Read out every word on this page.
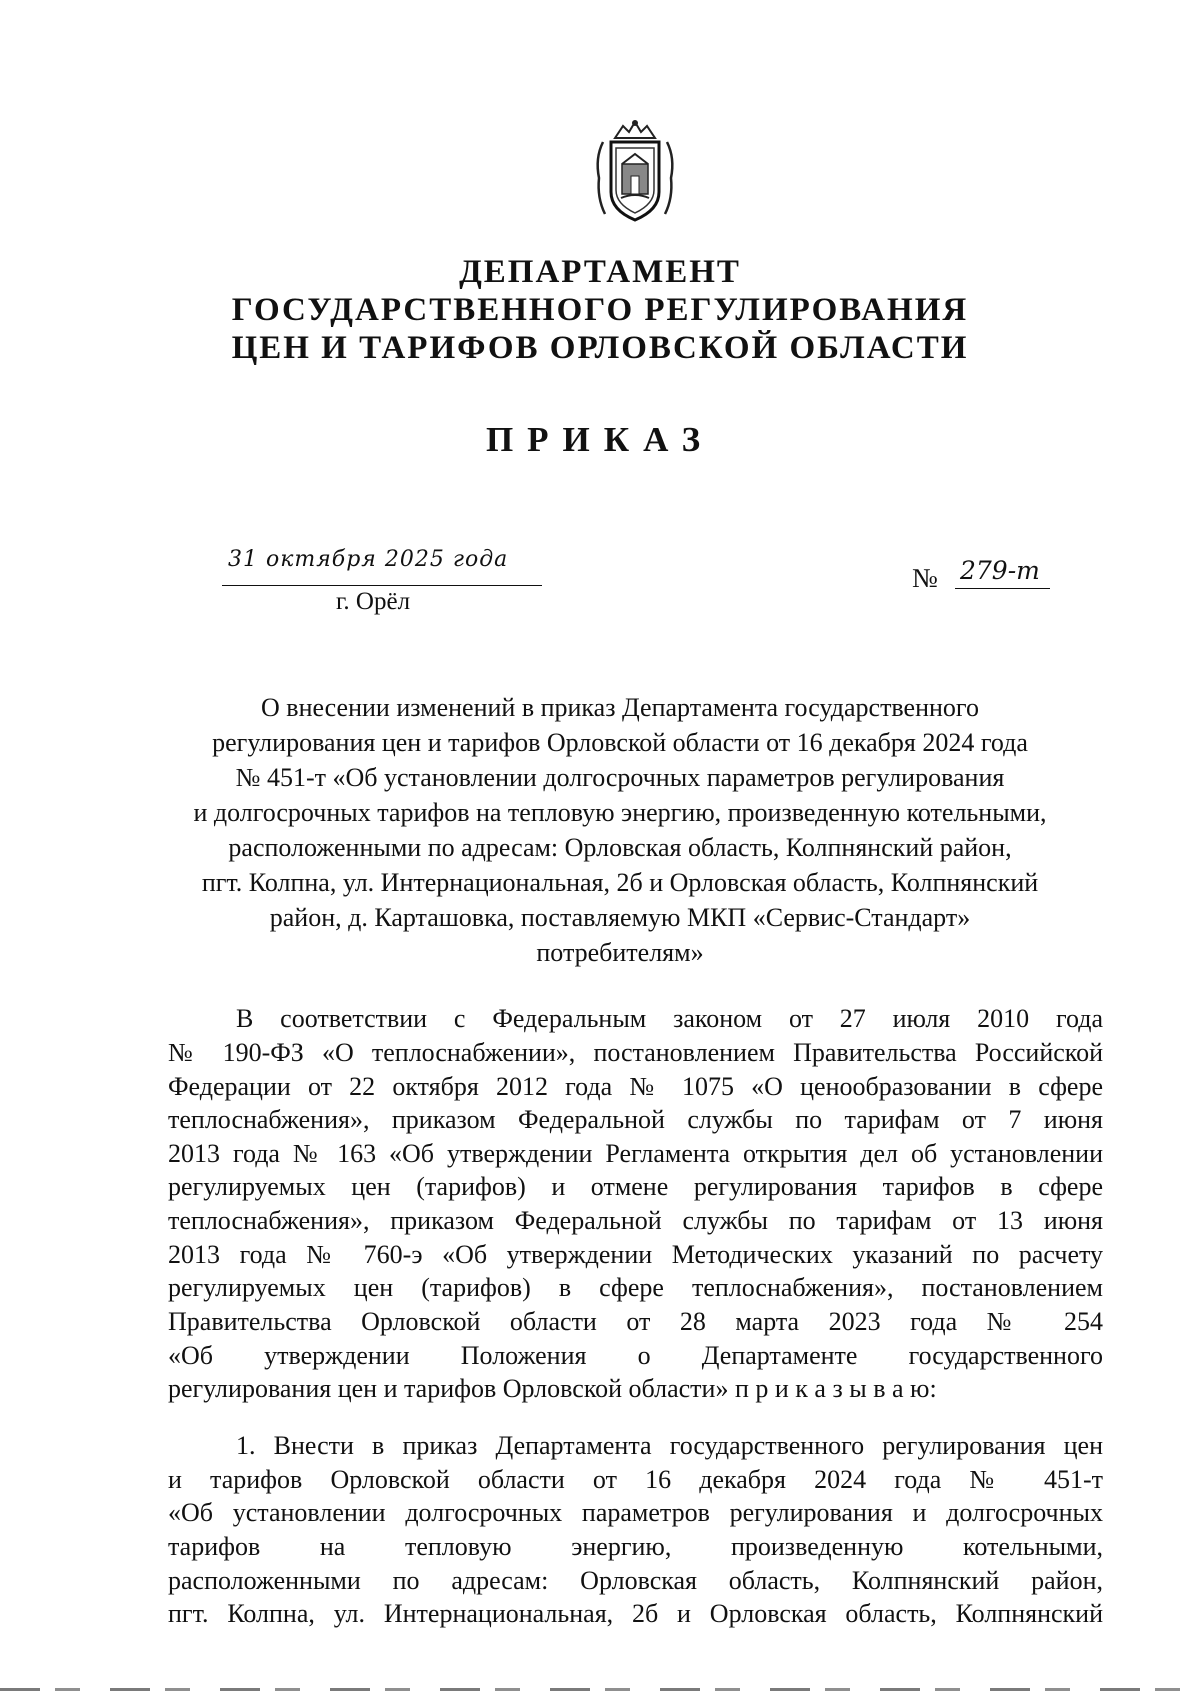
ДЕПАРТАМЕНТ
ГОСУДАРСТВЕННОГО РЕГУЛИРОВАНИЯ
ЦЕН И ТАРИФОВ ОРЛОВСКОЙ ОБЛАСТИ
ПРИКАЗ
31 октября 2025 года
г. Орёл
№ 279-т
О внесении изменений в приказ Департамента государственного
регулирования цен и тарифов Орловской области от 16 декабря 2024 года
№ 451-т «Об установлении долгосрочных параметров регулирования
и долгосрочных тарифов на тепловую энергию, произведенную котельными,
расположенными по адресам: Орловская область, Колпнянский район,
пгт. Колпна, ул. Интернациональная, 2б и Орловская область, Колпнянский
район, д. Карташовка, поставляемую МКП «Сервис-Стандарт»
потребителям»
В соответствии с Федеральным законом от 27 июля 2010 года
№ 190-ФЗ «О теплоснабжении», постановлением Правительства Российской
Федерации от 22 октября 2012 года № 1075 «О ценообразовании в сфере
теплоснабжения», приказом Федеральной службы по тарифам от 7 июня
2013 года № 163 «Об утверждении Регламента открытия дел об установлении
регулируемых цен (тарифов) и отмене регулирования тарифов в сфере
теплоснабжения», приказом Федеральной службы по тарифам от 13 июня
2013 года № 760-э «Об утверждении Методических указаний по расчету
регулируемых цен (тарифов) в сфере теплоснабжения», постановлением
Правительства Орловской области от 28 марта 2023 года № 254
«Об утверждении Положения о Департаменте государственного
регулирования цен и тарифов Орловской области» п р и к а з ы в а ю:
1. Внести в приказ Департамента государственного регулирования цен
и тарифов Орловской области от 16 декабря 2024 года № 451-т
«Об установлении долгосрочных параметров регулирования и долгосрочных
тарифов на тепловую энергию, произведенную котельными,
расположенными по адресам: Орловская область, Колпнянский район,
пгт. Колпна, ул. Интернациональная, 2б и Орловская область, Колпнянский
